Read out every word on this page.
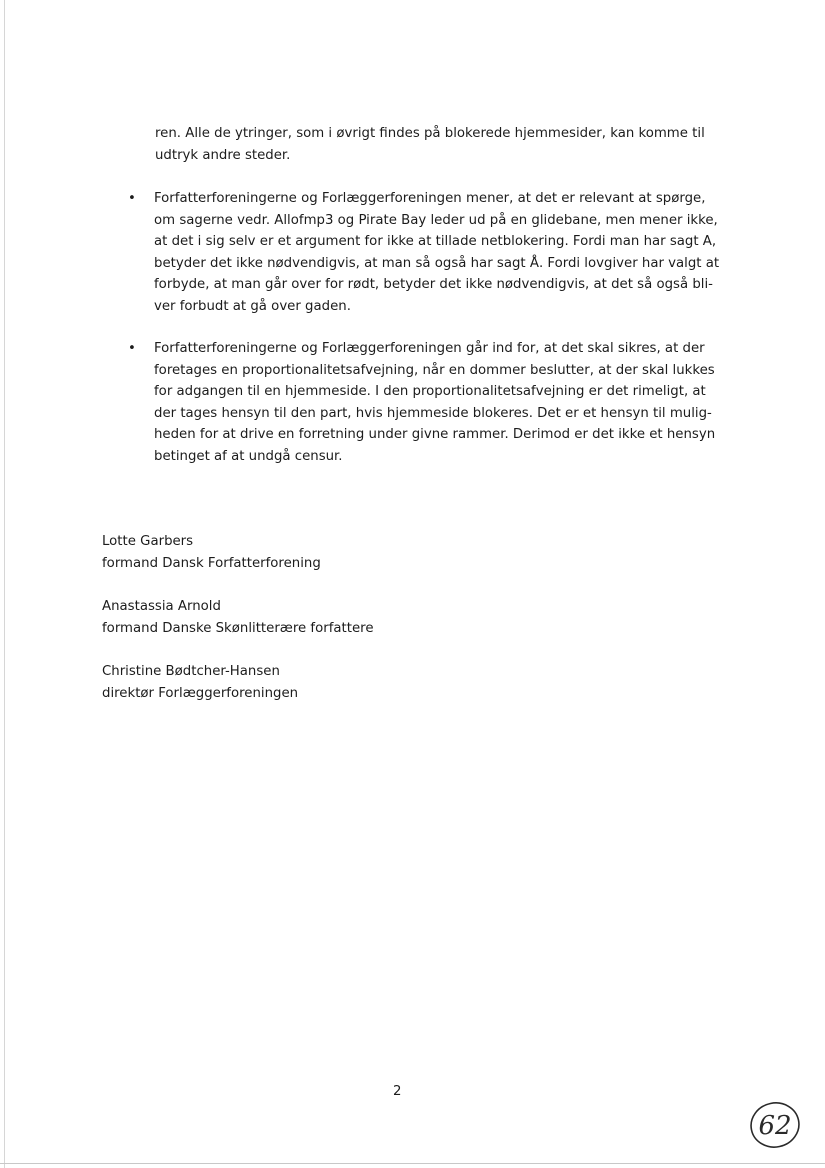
ren. Alle de ytringer, som i øvrigt findes på blokerede hjemmesider, kan komme til
udtryk andre steder.
• Forfatterforeningerne og Forlæggerforeningen mener, at det er relevant at spørge,
om sagerne vedr. Allofmp3 og Pirate Bay leder ud på en glidebane, men mener ikke,
at det i sig selv er et argument for ikke at tillade netblokering. Fordi man har sagt A,
betyder det ikke nødvendigvis, at man så også har sagt Å. Fordi lovgiver har valgt at
forbyde, at man går over for rødt, betyder det ikke nødvendigvis, at det så også bli-
ver forbudt at gå over gaden.
• Forfatterforeningerne og Forlæggerforeningen går ind for, at det skal sikres, at der
foretages en proportionalitetsafvejning, når en dommer beslutter, at der skal lukkes
for adgangen til en hjemmeside. I den proportionalitetsafvejning er det rimeligt, at
der tages hensyn til den part, hvis hjemmeside blokeres. Det er et hensyn til mulig-
heden for at drive en forretning under givne rammer. Derimod er det ikke et hensyn
betinget af at undgå censur.
Lotte Garbers
formand Dansk Forfatterforening
Anastassia Arnold
formand Danske Skønlitterære forfattere
Christine Bødtcher-Hansen
direktør Forlæggerforeningen
2
62
